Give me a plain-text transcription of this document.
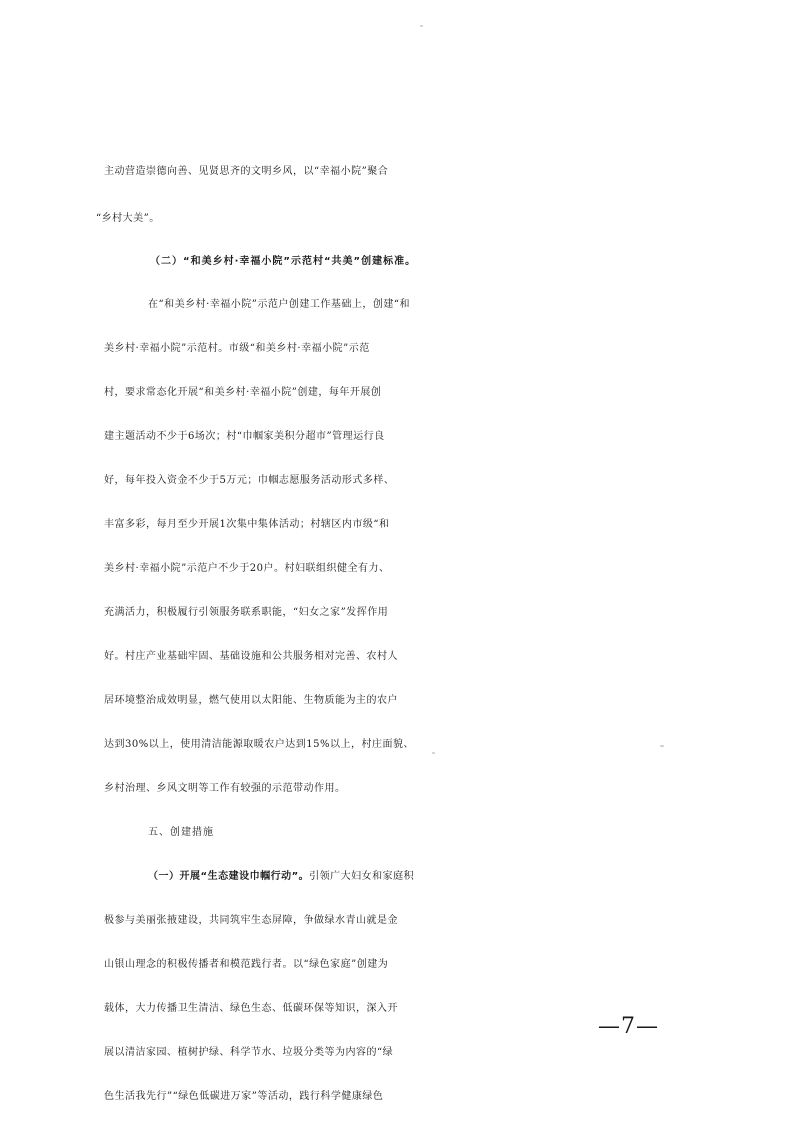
主动营造崇德向善、见贤思齐的文明乡风，以“幸福小院”聚合
“乡村大美”。
（二）“和美乡村·幸福小院”示范村“共美”创建标准。
在“和美乡村·幸福小院”示范户创建工作基础上，创建“和
美乡村·幸福小院”示范村。市级“和美乡村·幸福小院”示范
村，要求常态化开展“和美乡村·幸福小院”创建，每年开展创
建主题活动不少于6场次；村“巾帼家美积分超市”管理运行良
好，每年投入资金不少于5万元；巾帼志愿服务活动形式多样、
丰富多彩，每月至少开展1次集中集体活动；村辖区内市级“和
美乡村·幸福小院”示范户不少于20户。村妇联组织健全有力、
充满活力，积极履行引领服务联系职能，“妇女之家”发挥作用
好。村庄产业基础牢固、基础设施和公共服务相对完善、农村人
居环境整治成效明显，燃气使用以太阳能、生物质能为主的农户
达到30%以上，使用清洁能源取暖农户达到15%以上，村庄面貌、
乡村治理、乡风文明等工作有较强的示范带动作用。
五、创建措施
（一）开展“生态建设巾帼行动”。引领广大妇女和家庭积
极参与美丽张掖建设，共同筑牢生态屏障，争做绿水青山就是金
山银山理念的积极传播者和模范践行者。以“绿色家庭”创建为
载体，大力传播卫生清洁、绿色生态、低碳环保等知识，深入开
展以清洁家园、植树护绿、科学节水、垃圾分类等为内容的“绿
色生活我先行”“绿色低碳进万家”等活动，践行科学健康绿色
—7—
